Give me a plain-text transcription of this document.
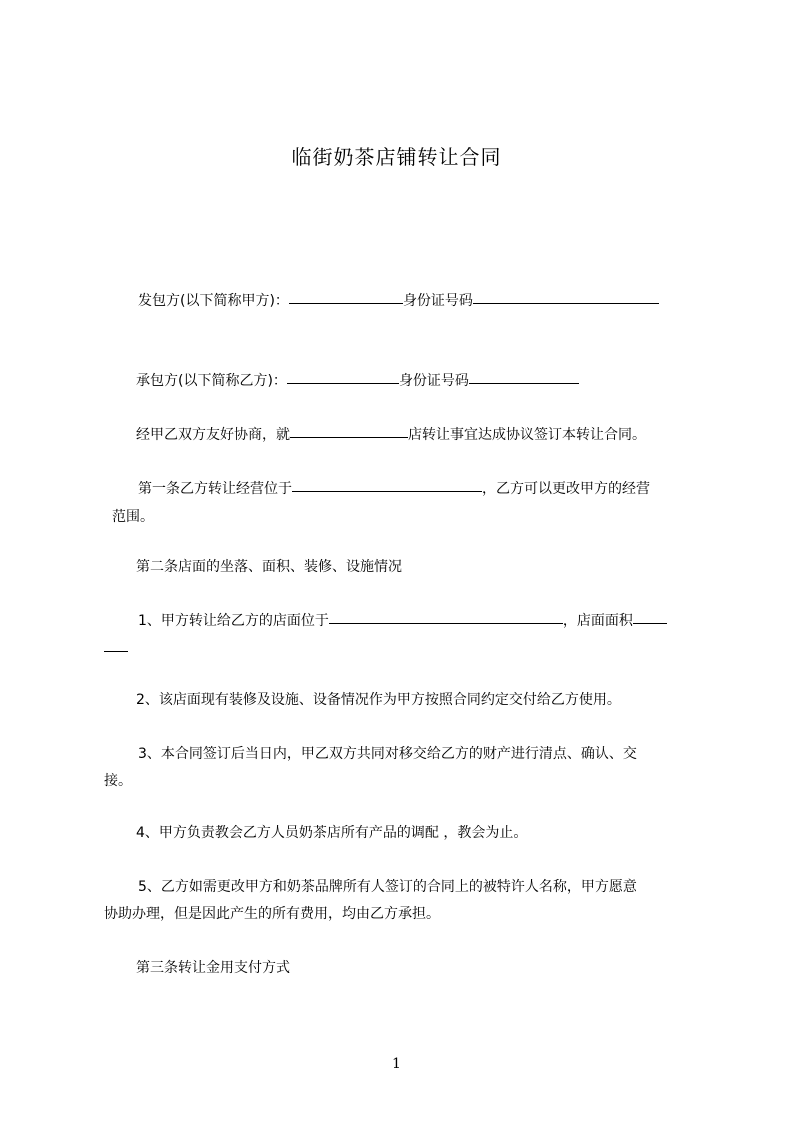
临街奶茶店铺转让合同
发包方(以下简称甲方)：	身份证号码
承包方(以下简称乙方)：	身份证号码
经甲乙双方友好协商，就	店转让事宜达成协议签订本转让合同。
第一条乙方转让经营位于	，乙方可以更改甲方的经营
范围。
第二条店面的坐落、面积、装修、设施情况
1、甲方转让给乙方的店面位于	，店面面积
2、该店面现有装修及设施、设备情况作为甲方按照合同约定交付给乙方使用。
3、本合同签订后当日内，甲乙双方共同对移交给乙方的财产进行清点、确认、交
接。
4、甲方负责教会乙方人员奶茶店所有产品的调配 ，教会为止。
5、乙方如需更改甲方和奶茶品牌所有人签订的合同上的被特许人名称，甲方愿意
协助办理，但是因此产生的所有费用，均由乙方承担。
第三条转让金用支付方式
1
